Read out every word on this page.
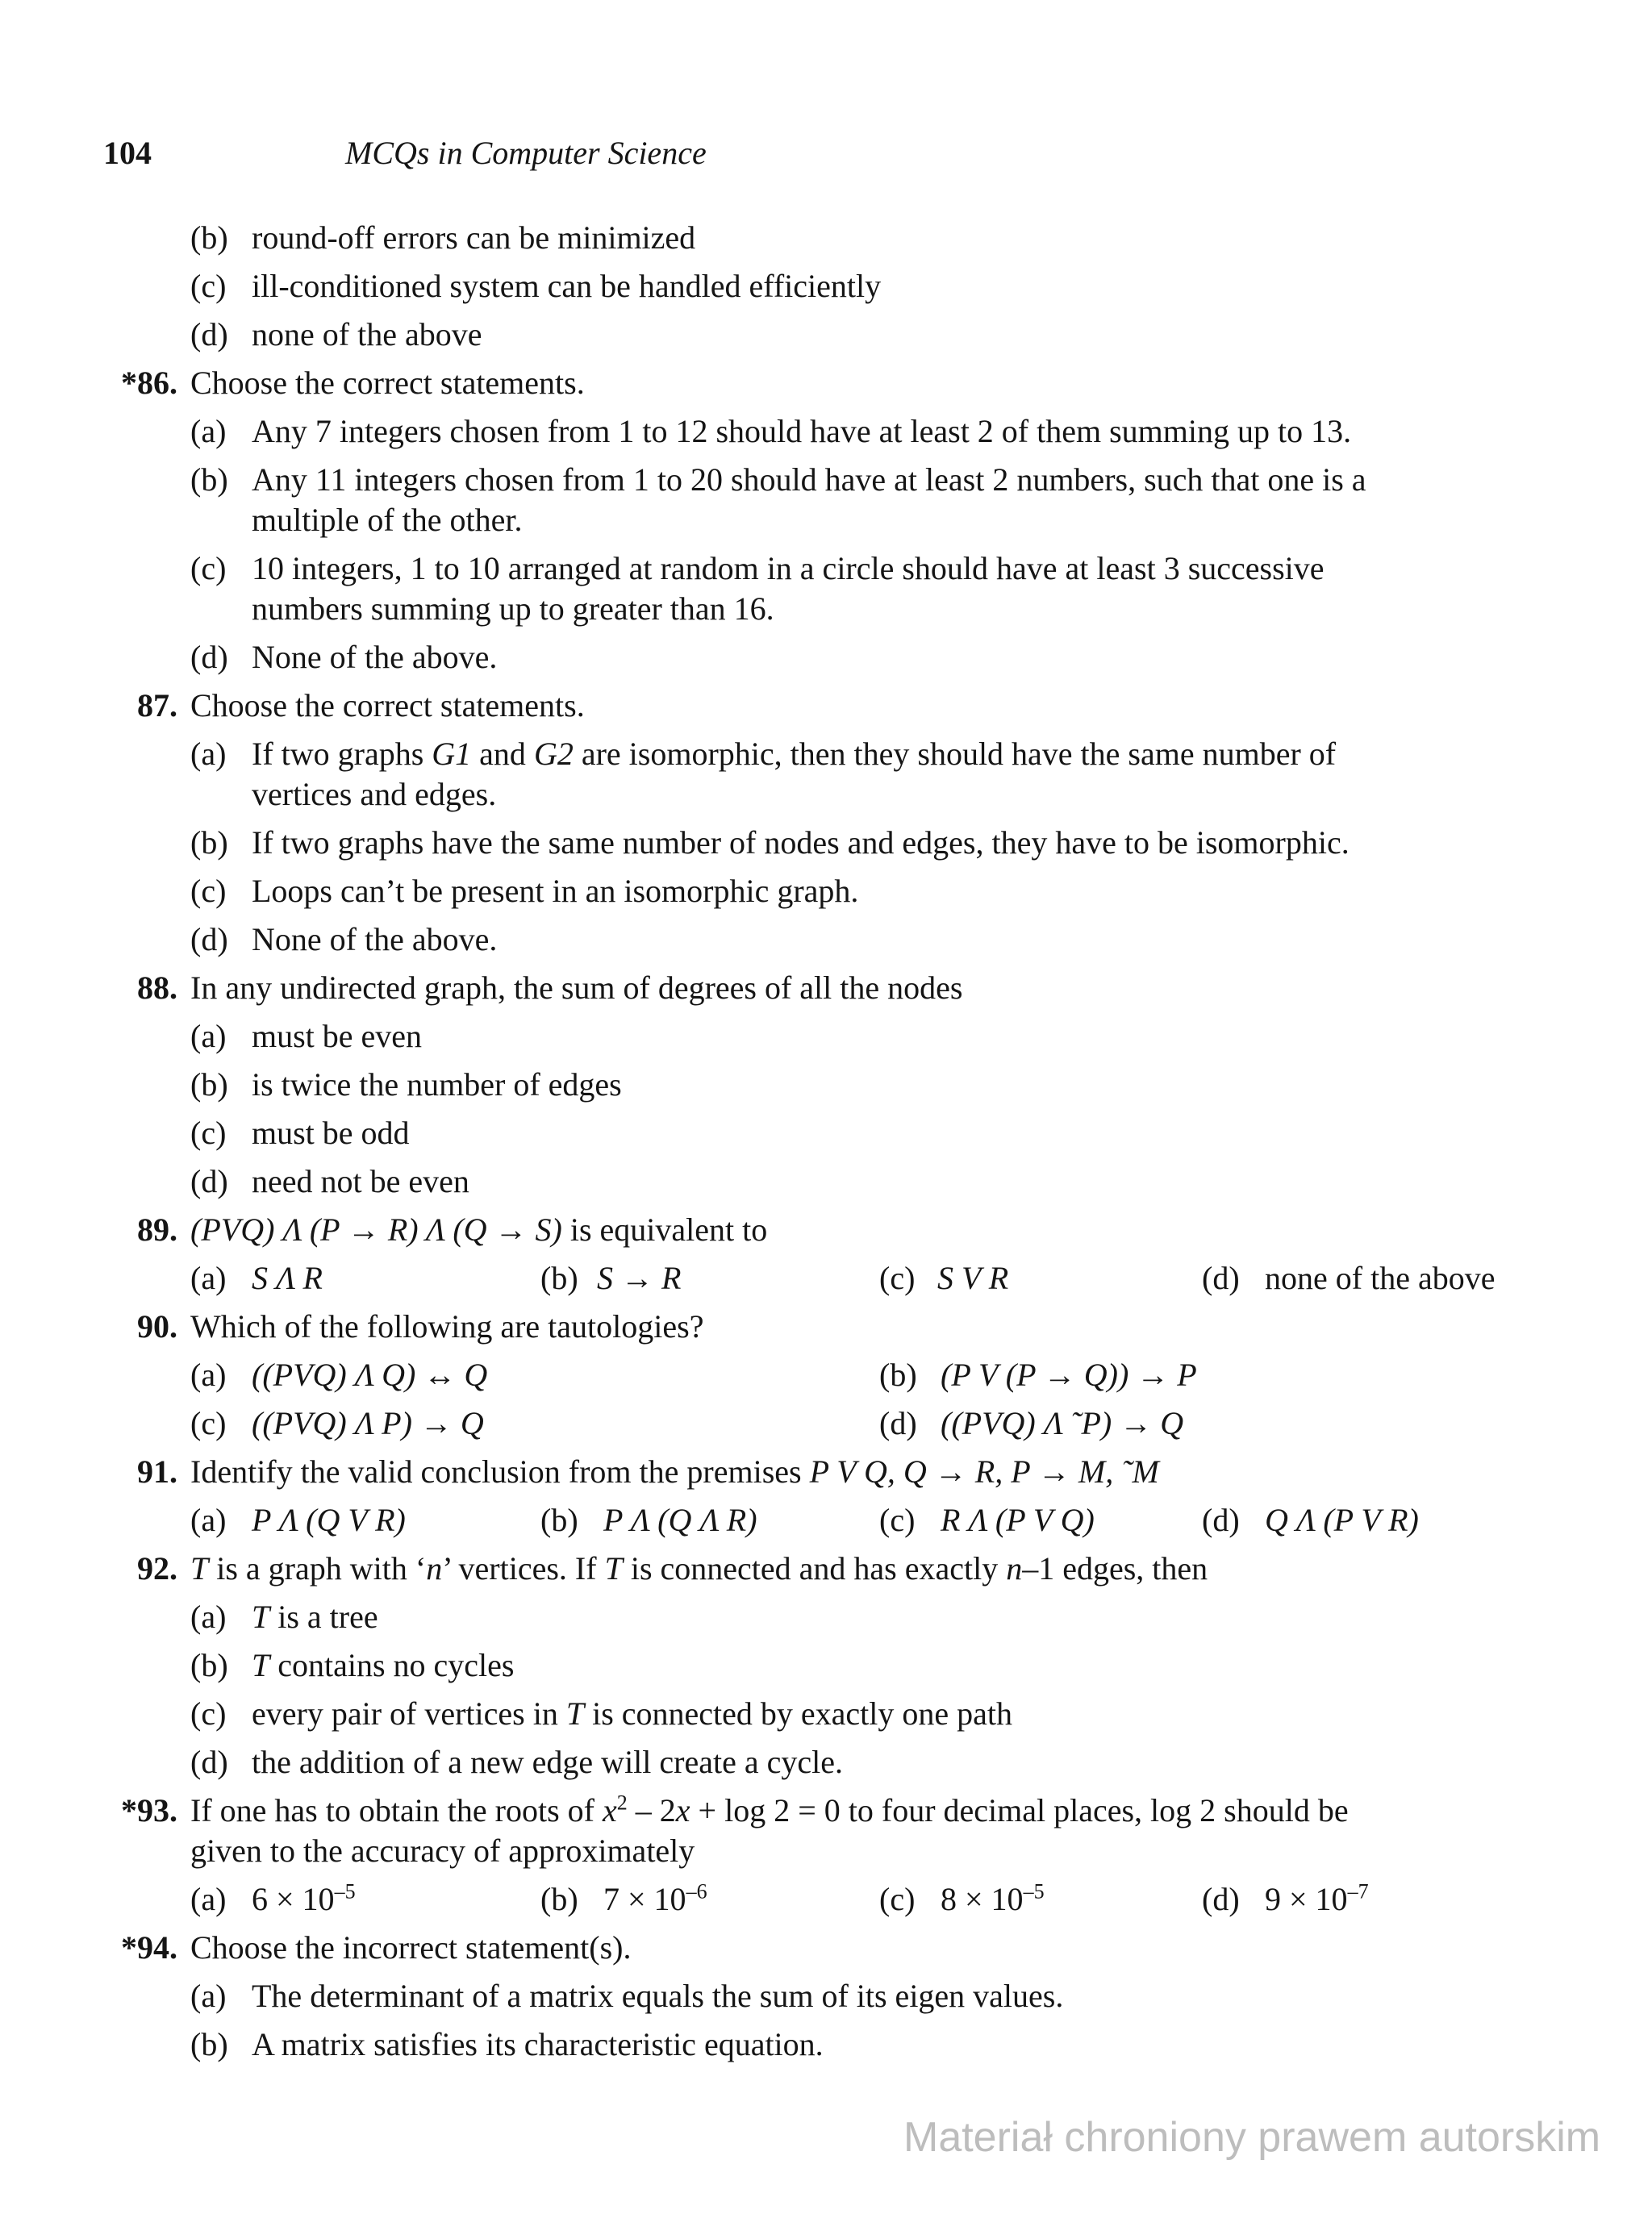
104	MCQs in Computer Science
(b) round-off errors can be minimized
(c) ill-conditioned system can be handled efficiently
(d) none of the above
*86. Choose the correct statements.
(a) Any 7 integers chosen from 1 to 12 should have at least 2 of them summing up to 13.
(b) Any 11 integers chosen from 1 to 20 should have at least 2 numbers, such that one is a
multiple of the other.
(c) 10 integers, 1 to 10 arranged at random in a circle should have at least 3 successive
numbers summing up to greater than 16.
(d) None of the above.
87. Choose the correct statements.
(a) If two graphs G1 and G2 are isomorphic, then they should have the same number of
vertices and edges.
(b) If two graphs have the same number of nodes and edges, they have to be isomorphic.
(c) Loops can’t be present in an isomorphic graph.
(d) None of the above.
88. In any undirected graph, the sum of degrees of all the nodes
(a) must be even
(b) is twice the number of edges
(c) must be odd
(d) need not be even
89. (PVQ) Λ (P → R) Λ (Q → S) is equivalent to
(a) S Λ R	(b) S → R	(c) S V R	(d) none of the above
90. Which of the following are tautologies?
(a) ((PVQ) Λ Q) ↔ Q	(b) (P V (P → Q)) → P
(c) ((PVQ) Λ P) → Q	(d) ((PVQ) Λ ˜P) → Q
91. Identify the valid conclusion from the premises P V Q, Q → R, P → M, ˜M
(a) P Λ (Q V R)	(b) P Λ (Q Λ R)	(c) R Λ (P V Q)	(d) Q Λ (P V R)
92. T is a graph with ‘n’ vertices. If T is connected and has exactly n–1 edges, then
(a) T is a tree
(b) T contains no cycles
(c) every pair of vertices in T is connected by exactly one path
(d) the addition of a new edge will create a cycle.
*93. If one has to obtain the roots of $x^2 - 2x + \log 2 = 0$ to four decimal places, log 2 should be
given to the accuracy of approximately
(a) $6 \times 10^{-5}$	(b) $7 \times 10^{-6}$	(c) $8 \times 10^{-5}$	(d) $9 \times 10^{-7}$
*94. Choose the incorrect statement(s).
(a) The determinant of a matrix equals the sum of its eigen values.
(b) A matrix satisfies its characteristic equation.
Materiał chroniony prawem autorskim
